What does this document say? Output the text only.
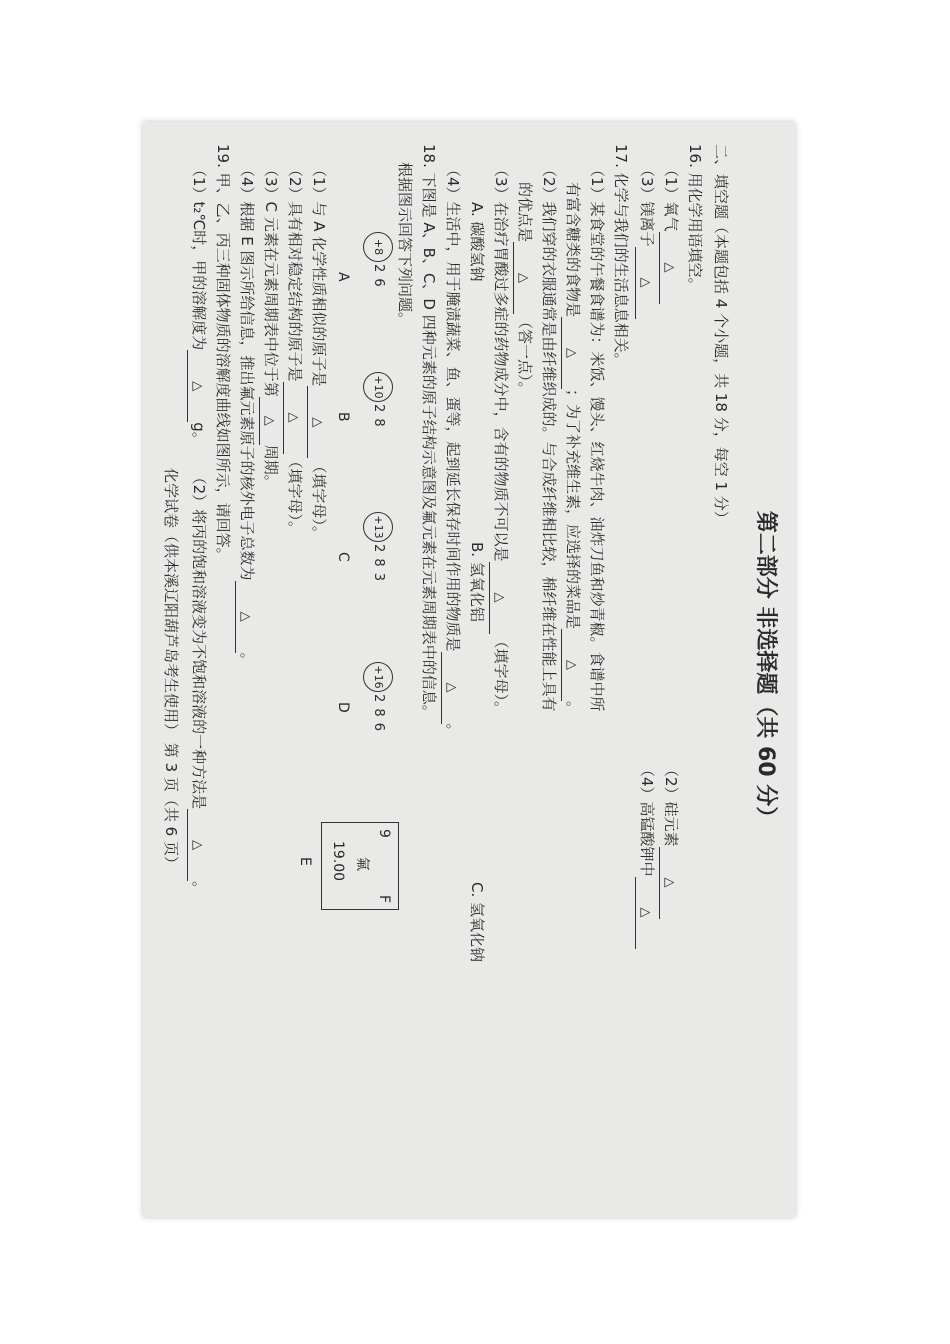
第二部分 非选择题（共 60 分）
二、填空题（本题包括 4 个小题，共 18 分，每空 1 分）
16. 用化学用语填空。
（1）氧气△
（2）硅元素△
（3）镁离子△
（4）高锰酸钾中△
17. 化学与我们的生活息息相关。
（1）某食堂的午餐食谱为：米饭、馒头、红烧牛肉、油炸刀鱼和炒青椒。食谱中所
有富含糖类的食物是△；为了补充维生素，应选择的菜品是△。
（2）我们穿的衣服通常是由纤维织成的。与合成纤维相比较，棉纤维在性能上具有
的优点是△（答一点）。
（3）在治疗胃酸过多症的药物成分中，含有的物质不可以是△（填字母）。
A. 碳酸氢钠
B. 氢氧化铝
C. 氢氧化钠
（4）生活中，用于腌渍蔬菜、鱼、蛋等，起到延长保存时间作用的物质是△。
18. 下图是 A、B、C、D 四种元素的原子结构示意图及氟元素在元素周期表中的信息。
根据图示回答下列问题。
+8
2 6
A
+10
2 8
B
+13
2 8 3
C
+16
2 8 6
D
（1）与 A 化学性质相似的原子是△（填字母）。
（2）具有相对稳定结构的原子是△（填字母）。
（3）C 元素在元素周期表中位于第△周期。
（4）根据 E 图示所给信息，推出氟元素原子的核外电子总数为△。
9
F
氟
19.00
E
19. 甲、乙、丙三种固体物质的溶解度曲线如图所示，请回答。
（1）t₂℃时，甲的溶解度为△g。 （2）将丙的饱和溶液变为不饱和溶液的一种方法是△。
化学试卷（供本溪辽阳葫芦岛考生使用） 第 3 页（共 6 页）
